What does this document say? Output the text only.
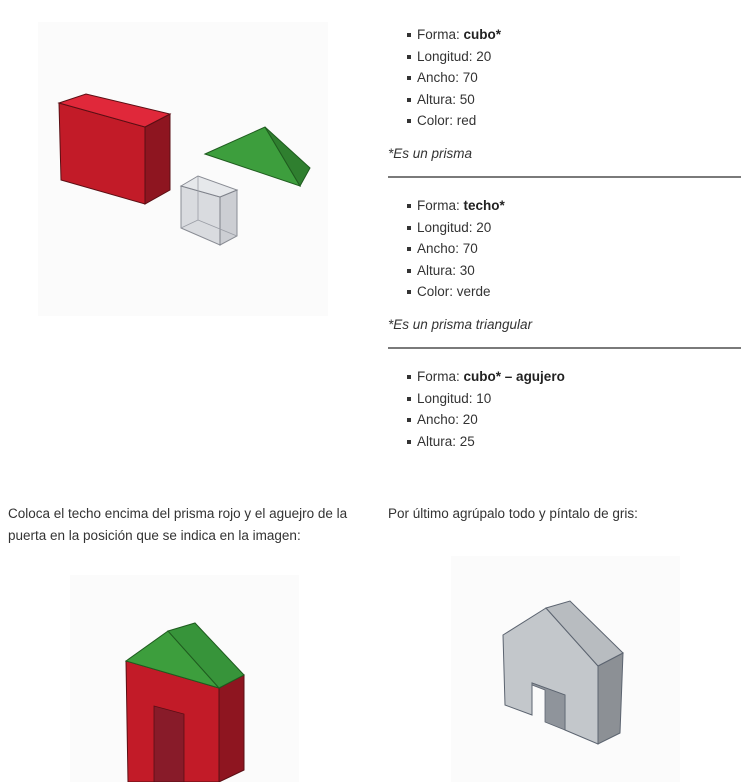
Forma: cubo*
Longitud: 20
Ancho: 70
Altura: 50
Color: red
*Es un prisma
Forma: techo*
Longitud: 20
Ancho: 70
Altura: 30
Color: verde
*Es un prisma triangular
Forma: cubo* – agujero
Longitud: 10
Ancho: 20
Altura: 25
Coloca el techo encima del prisma rojo y el aguejro de la puerta en la posición que se indica en la imagen:
Por último agrúpalo todo y píntalo de gris:
